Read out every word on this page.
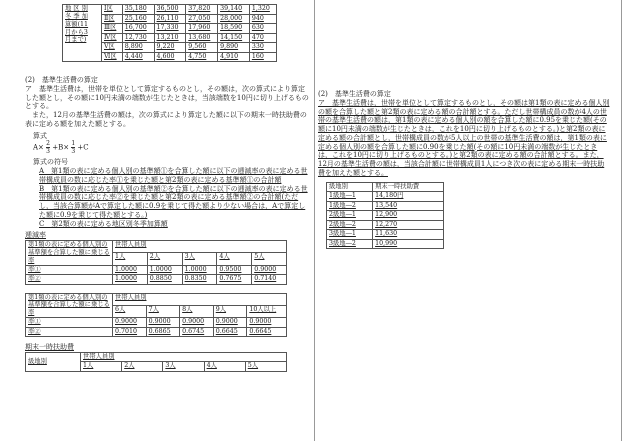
地 区 別
冬 季 加
算額(11
月から3
月まで)	Ⅰ区	35,180	36,500	37,820	39,140	1,320
	Ⅱ区	25,160	26,110	27,050	28,000	940
	Ⅲ区	16,700	17,330	17,960	18,590	630
	Ⅳ区	12,730	13,210	13,680	14,150	470
	Ⅴ区	8,890	9,220	9,560	9,890	330
	Ⅵ区	4,440	4,600	4,750	4,910	160

(2)　基準生活費の算定

ア　基準生活費は，世帯を単位として算定するものとし，その額は，次の算式により算定した額とし，その額に10円未満の端数が生じたときは，当該端数を10円に切り上げるものとする。

　また，12月の基準生活費の額は，次の算式により算定した額に以下の期末一時扶助費の表に定める額を加えた額とする。

算式

$A\times \frac{2}{3} +B\times \frac{1}{3} +C$

算式の符号

A　第1類の表に定める個人別の基準額①を合算した額に以下の逓減率の表に定める世帯構成員の数に応じた率①を乗じた額と第2類の表に定める基準額①の合計額

B　第1類の表に定める個人別の基準額②を合算した額に以下の逓減率の表に定める世帯構成員の数に応じた率②を乗じた額と第2類の表に定める基準額②の合計額(ただし，当該合算額がAで算定した額に0.9を乗じて得た額より少ない場合は，Aで算定した額に0.9を乗じて得た額とする。)

C　第2類の表に定める地区別冬季加算額

逓減率

第1類の表に定める個人別の基準額を合算した額に乗じる率	世帯人員別				
	1人	2人	3人	4人	5人
率①	1.0000	1.0000	1.0000	0.9500	0.9000
率②	1.0000	0.8850	0.8350	0.7675	0.7140
第1類の表に定める個人別の基準額を合算した額に乗じる率	世帯人員別				
	6人	7人	8人	9人	10人以上
率①	0.9000	0.9000	0.9000	0.9000	0.9000
率②	0.7010	0.6865	0.6745	0.6645	0.6645

期末一時扶助費

級地別	世帯人員別				
	1人	2人	3人	4人	5人

(2)　基準生活費の算定

ア　基準生活費は，世帯を単位として算定するものとし，その額は第1類の表に定める個人別の額を合算した額と第2類の表に定める額の合計額とする。ただし世帯構成員の数が4人の世帯の基準生活費の額は，第1類の表に定める個人別の額を合算した額に0.95を乗じた額(その額に10円未満の端数が生じたときは，これを10円に切り上げるものとする。)と第2類の表に定める額の合計額とし，世帯構成員の数が5人以上の世帯の基準生活費の額は，第1類の表に定める個人別の額を合算した額に0.90を乗じた額(その額に10円未満の端数が生じたときは，これを10円に切り上げるものとする。)と第2類の表に定める額の合計額とする。また，12月の基準生活費の額は，当該合計額に世帯構成員1人につき次の表に定める期末一時扶助費を加えた額とする。

級地別	期末一時扶助費
1級地―1	14,180円
1級地―2	13,540
2級地―1	12,900
2級地―2	12,270
3級地―1	11,630
3級地―2	10,990
